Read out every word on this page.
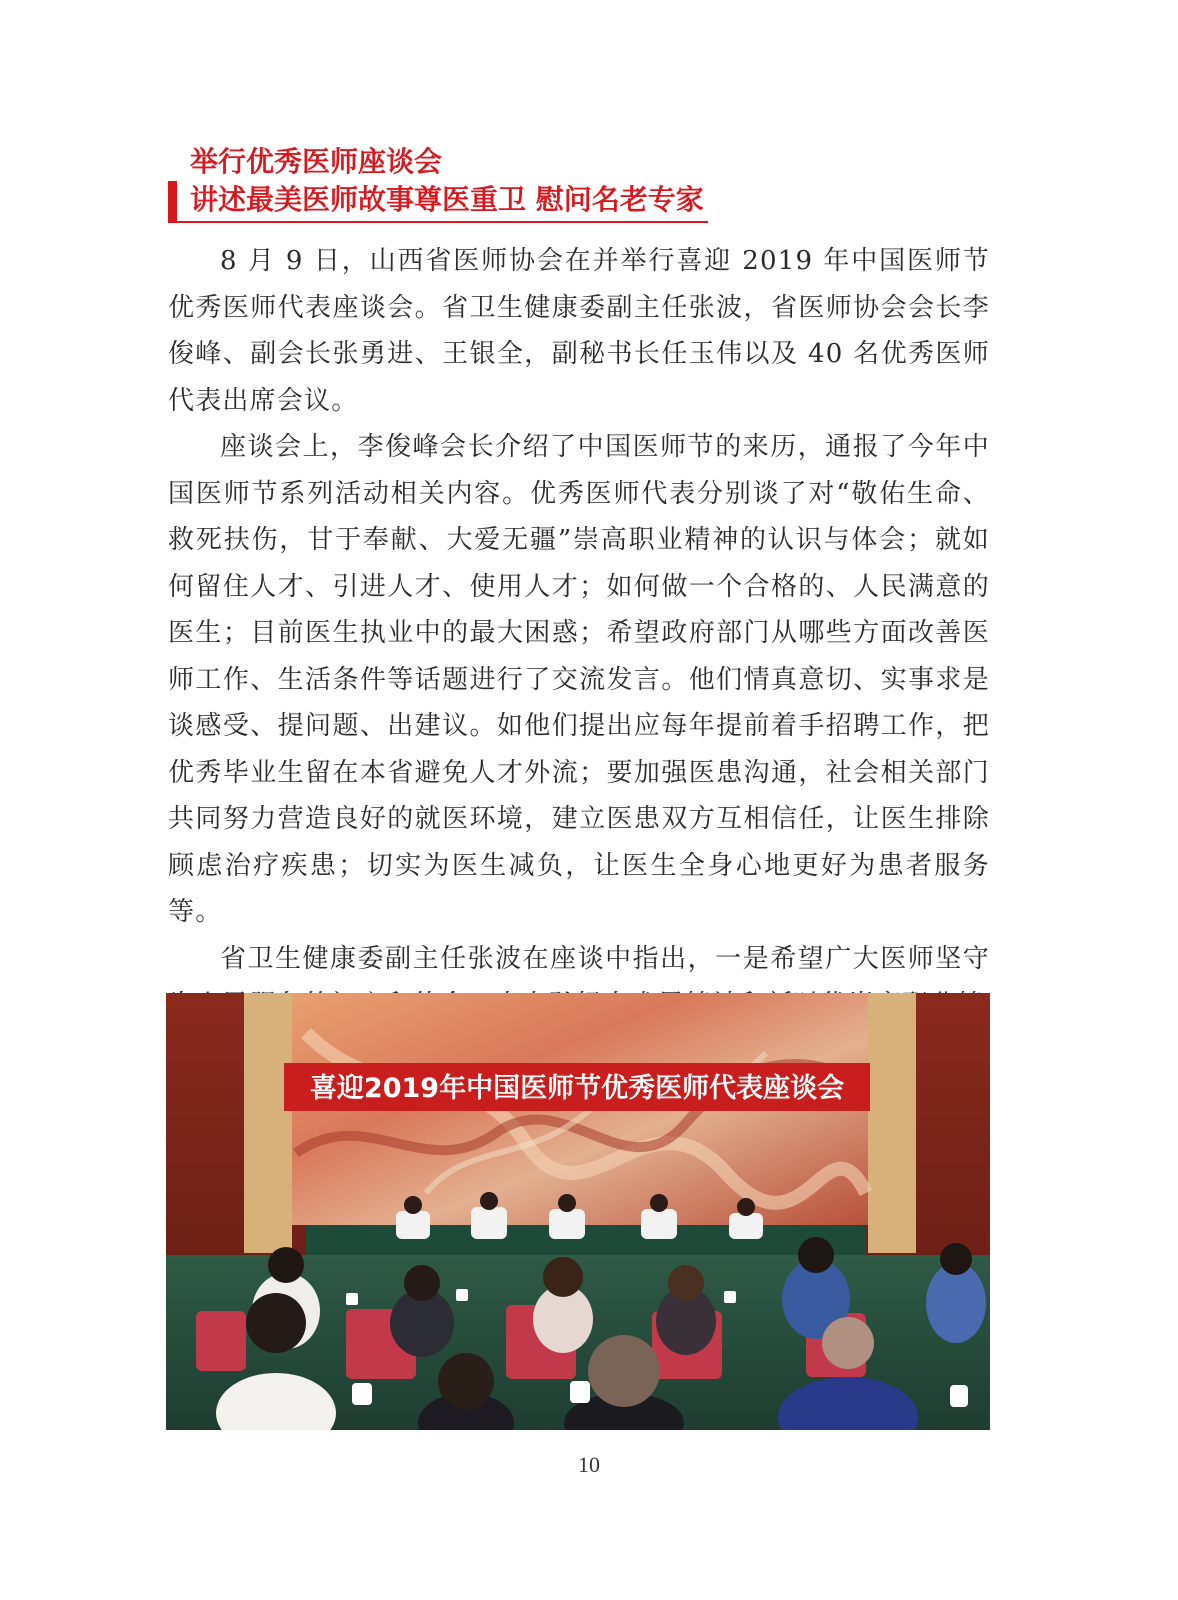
举行优秀医师座谈会
讲述最美医师故事尊医重卫 慰问名老专家

8 月 9 日，山西省医师协会在并举行喜迎 2019 年中国医师节优秀医师代表座谈会。省卫生健康委副主任张波，省医师协会会长李俊峰、副会长张勇进、王银全，副秘书长任玉伟以及 40 名优秀医师代表出席会议。

座谈会上，李俊峰会长介绍了中国医师节的来历，通报了今年中国医师节系列活动相关内容。优秀医师代表分别谈了对“敬佑生命、救死扶伤，甘于奉献、大爱无疆”崇高职业精神的认识与体会；就如何留住人才、引进人才、使用人才；如何做一个合格的、人民满意的医生；目前医生执业中的最大困惑；希望政府部门从哪些方面改善医师工作、生活条件等话题进行了交流发言。他们情真意切、实事求是谈感受、提问题、出建议。如他们提出应每年提前着手招聘工作，把优秀毕业生留在本省避免人才外流；要加强医患沟通，社会相关部门共同努力营造良好的就医环境，建立医患双方互相信任，让医生排除顾虑治疗疾患；切实为医生减负，让医生全身心地更好为患者服务等。

省卫生健康委副主任张波在座谈中指出，一是希望广大医师坚守

喜迎2019年中国医师节优秀医师代表座谈会
10
